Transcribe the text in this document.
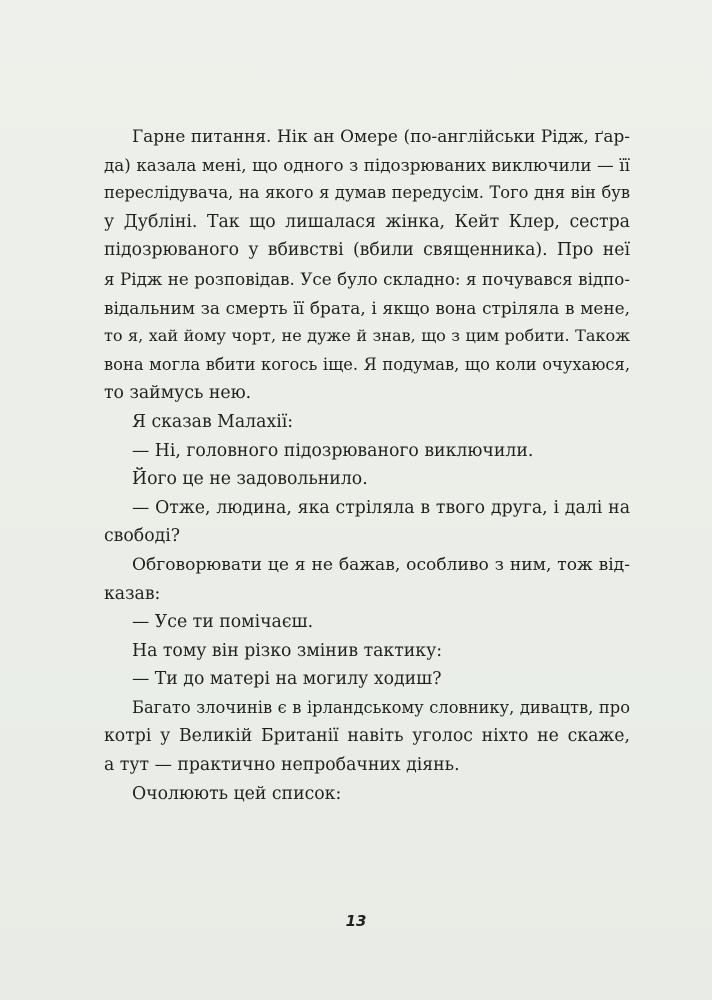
Гарне питання. Нік ан Омере (по-англійськи Рідж, ґар-
да) казала мені, що одного з підозрюваних виключили — її
переслідувача, на якого я думав передусім. Того дня він був
у Дубліні. Так що лишалася жінка, Кейт Клер, сестра
підозрюваного у вбивстві (вбили священника). Про неї
я Рідж не розповідав. Усе було складно: я почувався відпо-
відальним за смерть її брата, і якщо вона стріляла в мене,
то я, хай йому чорт, не дуже й знав, що з цим робити. Також
вона могла вбити когось іще. Я подумав, що коли очухаюся,
то займусь нею.
Я сказав Малахії:
— Ні, головного підозрюваного виключили.
Його це не задовольнило.
— Отже, людина, яка стріляла в твого друга, і далі на
свободі?
Обговорювати це я не бажав, особливо з ним, тож від-
казав:
— Усе ти помічаєш.
На тому він різко змінив тактику:
— Ти до матері на могилу ходиш?
Багато злочинів є в ірландському словнику, дивацтв, про
котрі у Великій Британії навіть уголос ніхто не скаже,
а тут — практично непробачних діянь.
Очолюють цей список:
13
